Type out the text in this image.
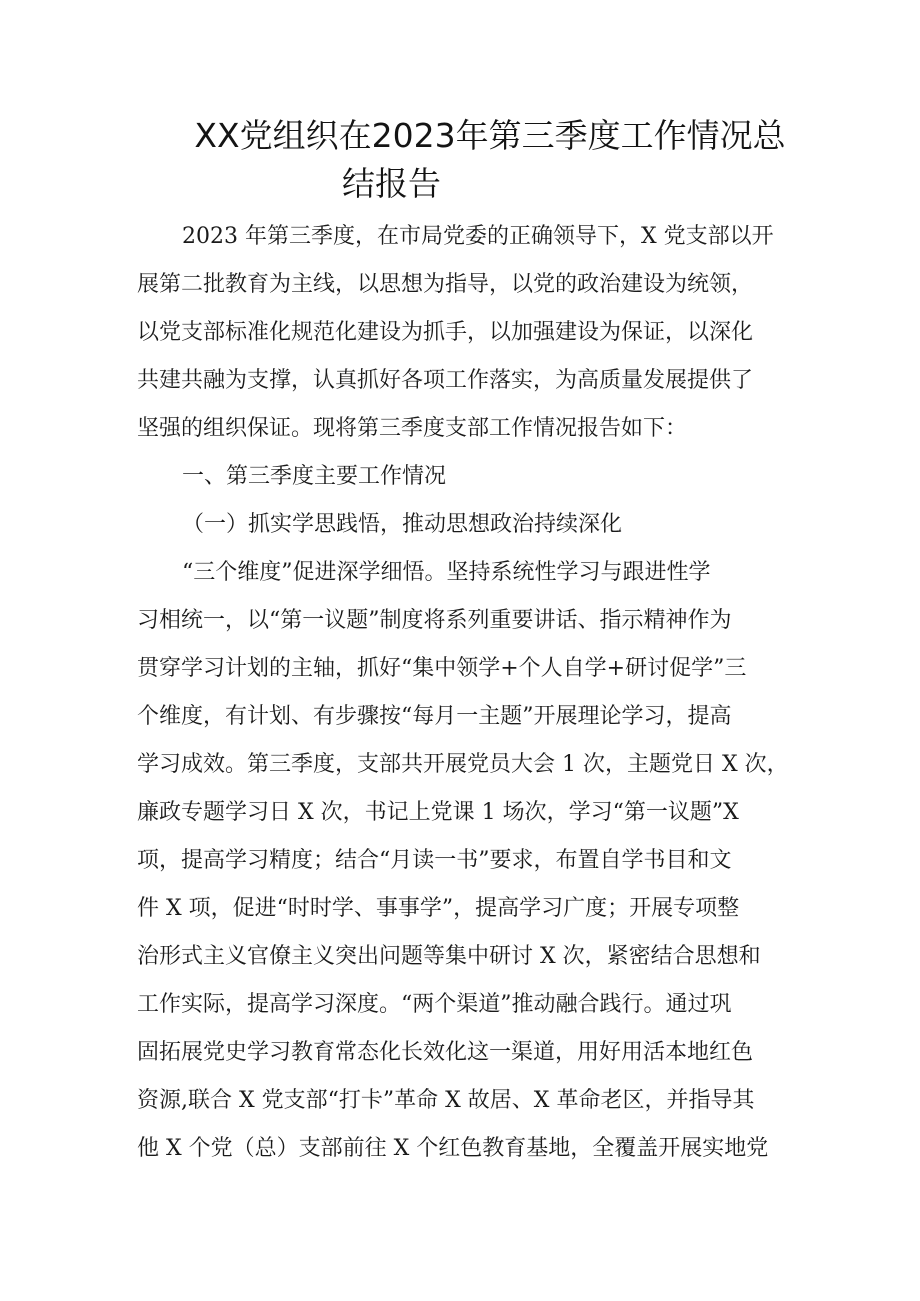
XX党组织在2023年第三季度工作情况总
结报告
2023 年第三季度，在市局党委的正确领导下，X 党支部以开
展第二批教育为主线，以思想为指导，以党的政治建设为统领，
以党支部标准化规范化建设为抓手，以加强建设为保证，以深化
共建共融为支撑，认真抓好各项工作落实，为高质量发展提供了
坚强的组织保证。现将第三季度支部工作情况报告如下：
一、第三季度主要工作情况
（一）抓实学思践悟，推动思想政治持续深化
“三个维度”促进深学细悟。坚持系统性学习与跟进性学
习相统一，以“第一议题”制度将系列重要讲话、指示精神作为
贯穿学习计划的主轴，抓好“集中领学+个人自学+研讨促学”三
个维度，有计划、有步骤按“每月一主题”开展理论学习，提高
学习成效。第三季度，支部共开展党员大会 1 次，主题党日 X 次，
廉政专题学习日 X 次，书记上党课 1 场次，学习“第一议题”X
项，提高学习精度；结合“月读一书”要求，布置自学书目和文
件 X 项，促进“时时学、事事学”，提高学习广度；开展专项整
治形式主义官僚主义突出问题等集中研讨 X 次，紧密结合思想和
工作实际，提高学习深度。“两个渠道”推动融合践行。通过巩
固拓展党史学习教育常态化长效化这一渠道，用好用活本地红色
资源,联合 X 党支部“打卡”革命 X 故居、X 革命老区，并指导其
他 X 个党（总）支部前往 X 个红色教育基地，全覆盖开展实地党
